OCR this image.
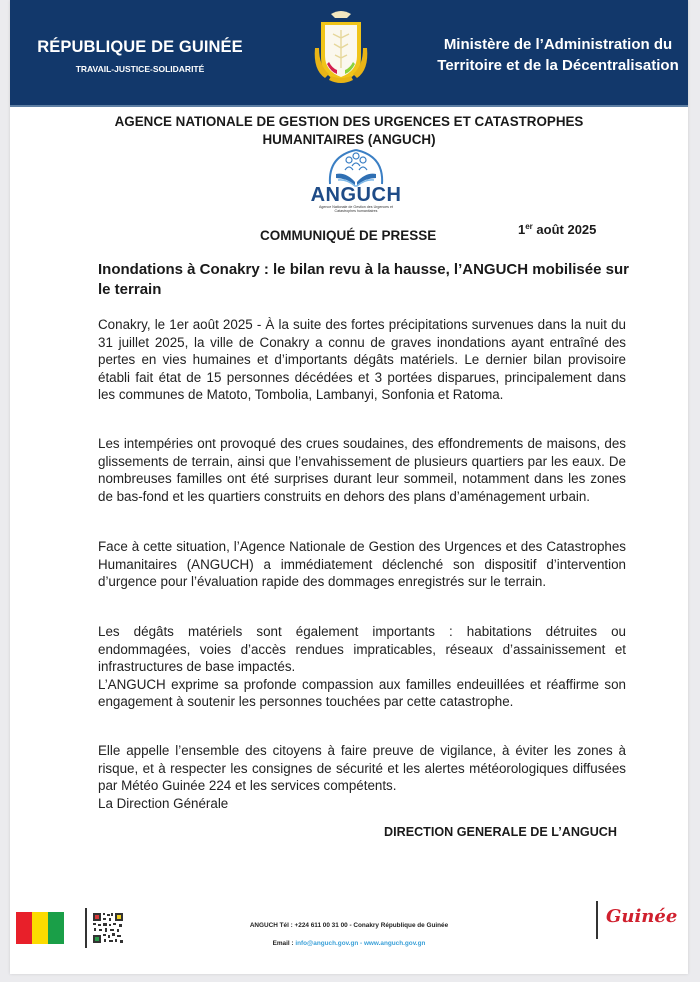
RÉPUBLIQUE DE GUINÉE
TRAVAIL-JUSTICE-SOLIDARITÉ
Ministère de l’Administration du
Territoire et de la Décentralisation
AGENCE NATIONALE DE GESTION DES URGENCES ET CATASTROPHES
HUMANITAIRES (ANGUCH)
ANGUCH
Agence Nationale de Gestion des Urgences et Catastrophes humanitaires
COMMUNIQUÉ DE PRESSE	1er août 2025
Inondations à Conakry : le bilan revu à la hausse, l’ANGUCH mobilisée sur le terrain

Conakry, le 1er août 2025 - À la suite des fortes précipitations survenues dans la nuit du 31 juillet 2025, la ville de Conakry a connu de graves inondations ayant entraîné des pertes en vies humaines et d’importants dégâts matériels. Le dernier bilan provisoire établi fait état de 15 personnes décédées et 3 portées disparues, principalement dans les communes de Matoto, Tombolia, Lambanyi, Sonfonia et Ratoma.

Les intempéries ont provoqué des crues soudaines, des effondrements de maisons, des glissements de terrain, ainsi que l’envahissement de plusieurs quartiers par les eaux. De nombreuses familles ont été surprises durant leur sommeil, notamment dans les zones de bas-fond et les quartiers construits en dehors des plans d’aménagement urbain.

Face à cette situation, l’Agence Nationale de Gestion des Urgences et des Catastrophes Humanitaires (ANGUCH) a immédiatement déclenché son dispositif d’intervention d’urgence pour l’évaluation rapide des dommages enregistrés sur le terrain.

Les dégâts matériels sont également importants : habitations détruites ou endommagées, voies d’accès rendues impraticables, réseaux d’assainissement et infrastructures de base impactés.

L’ANGUCH exprime sa profonde compassion aux familles endeuillées et réaffirme son engagement à soutenir les personnes touchées par cette catastrophe.

Elle appelle l’ensemble des citoyens à faire preuve de vigilance, à éviter les zones à risque, et à respecter les consignes de sécurité et les alertes météorologiques diffusées par Météo Guinée 224 et les services compétents.

La Direction Générale

DIRECTION GENERALE DE L’ANGUCH
ANGUCH Tél : +224 611 00 31 00 - Conakry République de Guinée
Email : info@anguch.gov.gn - www.anguch.gov.gn
Guinée
